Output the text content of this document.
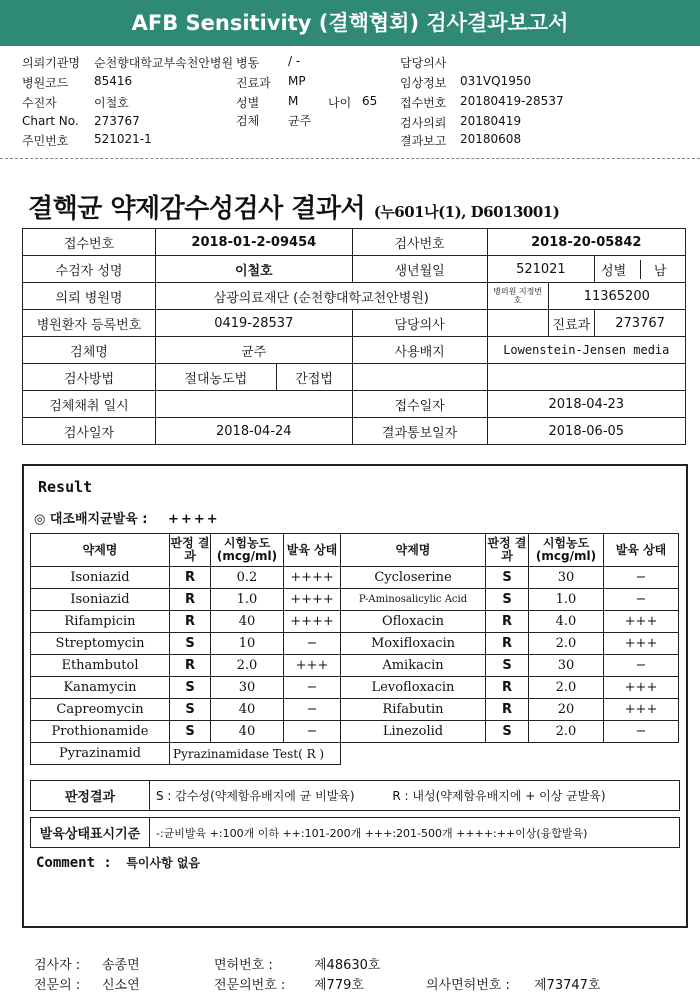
AFB Sensitivity (결핵협회) 검사결과보고서
의뢰기관명 순천향대학교부속천안병원 병동 / -	담당의사
병원코드 85416	진료과 MP	임상정보 031VQ1950
수진자	이철호	성별 M 나이 65 접수번호 20180419-28537
Chart No. 273767	검체 균주	검사의뢰 20180419
주민번호 521021-1	결과보고 20180608
결핵균 약제감수성검사 결과서 (누601나(1), D6013001)
접수번호	2018-01-2-09454		검사번호	2018-20-05842		
수검자 성명	이철호		생년월일	521021		성별 남
의뢰 병원명	삼광의료재단 (순천향대학교천안병원)			병의원 지정번호	11365200	
병원환자 등록번호	0419-28537		담당의사		진료과	273767
검체명	균주		사용배지	Lowenstein-Jensen media		
검사방법	절대농도법	간접법				
검체채취 일시			접수일자	2018-04-23		
검사일자	2018-04-24		결과통보일자	2018-06-05		
Result
◎ 대조배지균발육 : ++++
약제명	판정 결과	시험농도 (mcg/ml)	발육 상태	약제명	판정 결과	시험농도 (mcg/ml)	발육 상태
Isoniazid	R	0.2	++++	Cycloserine	S	30	−
Isoniazid	R	1.0	++++	P-Aminosalicylic Acid	S	1.0	−
Rifampicin	R	40	++++	Ofloxacin	R	4.0	+++
Streptomycin	S	10	−	Moxifloxacin	R	2.0	+++
Ethambutol	R	2.0	+++	Amikacin	S	30	−
Kanamycin	S	30	−	Levofloxacin	R	2.0	+++
Capreomycin	S	40	−	Rifabutin	R	20	+++
Prothionamide	S	40	−	Linezolid	S	2.0	−
Pyrazinamid	Pyrazinamidase Test( R )						
판정결과	S : 감수성(약제함유배지에 균 비발육) R : 내성(약제함유배지에 + 이상 균발육)

발육상태표시기준	-:균비발육 +:100개 이하 ++:101-200개 +++:201-500개 ++++:++이상(융합발육)
Comment : 특이사항 없음
검사자 : 송종면	면허번호 :	제48630호
전문의 : 신소연	전문의번호 : 제779호	의사면허번호 : 제73747호
